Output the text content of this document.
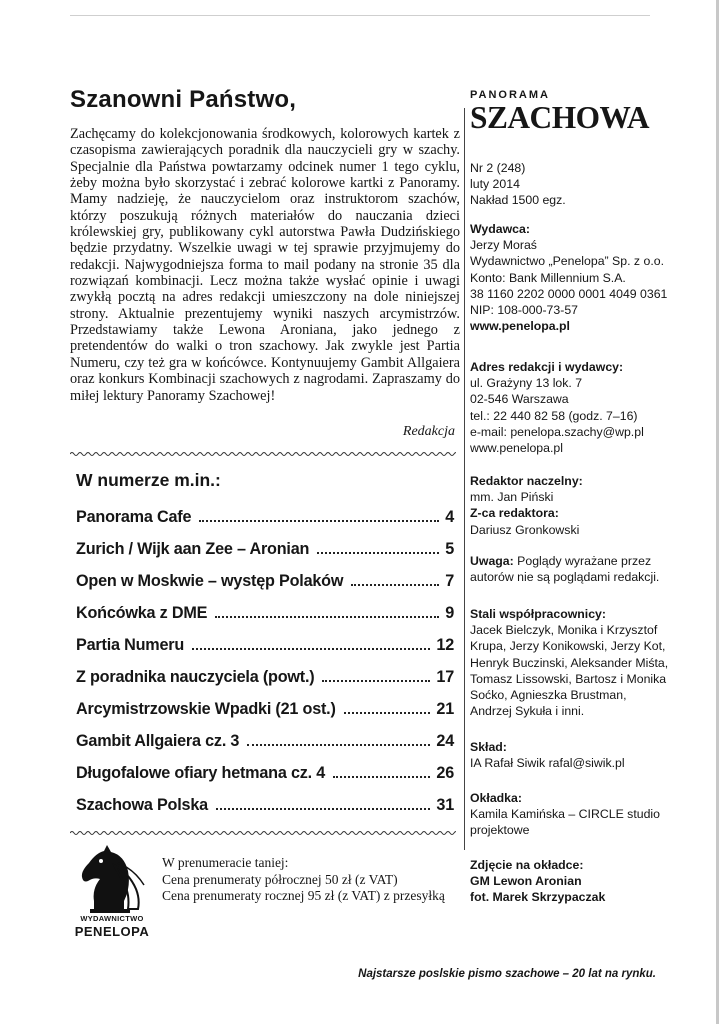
Szanowni Państwo,

Zachęcamy do kolekcjonowania środkowych, kolorowych kartek z czasopisma zawierających poradnik dla nauczycieli gry w szachy. Specjalnie dla Państwa powtarzamy odcinek numer 1 tego cyklu, żeby można było skorzystać i zebrać kolorowe kartki z Panoramy. Mamy nadzieję, że nauczycielom oraz instruktorom szachów, którzy poszukują różnych materiałów do nauczania dzieci królewskiej gry, publikowany cykl autorstwa Pawła Dudzińskiego będzie przydatny. Wszelkie uwagi w tej sprawie przyjmujemy do redakcji. Najwygodniejsza forma to mail podany na stronie 35 dla rozwiązań kombinacji. Lecz można także wysłać opinie i uwagi zwykłą pocztą na adres redakcji umieszczony na dole niniejszej strony. Aktualnie prezentujemy wyniki naszych arcymistrzów. Przedstawiamy także Lewona Aroniana, jako jednego z pretendentów do walki o tron szachowy. Jak zwykle jest Partia Numeru, czy też gra w końcówce. Kontynuujemy Gambit Allgaiera oraz konkurs Kombinacji szachowych z nagrodami. Zapraszamy do miłej lektury Panoramy Szachowej!

Redakcja
W numerze m.in.:
Panorama Cafe	4
Zurich / Wijk aan Zee – Aronian	5
Open w Moskwie – występ Polaków	7
Końcówka z DME	9
Partia Numeru	12
Z poradnika nauczyciela (powt.)	17
Arcymistrzowskie Wpadki (21 ost.)	21
Gambit Allgaiera cz. 3	24
Długofalowe ofiary hetmana cz. 4	26
Szachowa Polska	31
WYDAWNICTWO
PENELOPA
W prenumeracie taniej:
Cena prenumeraty półrocznej 50 zł (z VAT)
Cena prenumeraty rocznej 95 zł (z VAT) z przesyłką
PANORAMA
SZACHOWA
Nr 2 (248)
luty 2014
Nakład 1500 egz.
Wydawca:
Jerzy Moraś
Wydawnictwo „Penelopa” Sp. z o.o.
Konto: Bank Millennium S.A.
38 1160 2202 0000 0001 4049 0361
NIP: 108-000-73-57
www.penelopa.pl
Adres redakcji i wydawcy:
ul. Grażyny 13 lok. 7
02-546 Warszawa
tel.: 22 440 82 58 (godz. 7–16)
e-mail: penelopa.szachy@wp.pl
www.penelopa.pl
Redaktor naczelny:
mm. Jan Piński
Z-ca redaktora:
Dariusz Gronkowski
Uwaga: Poglądy wyrażane przez
autorów nie są poglądami redakcji.
Stali współpracownicy:
Jacek Bielczyk, Monika i Krzysztof
Krupa, Jerzy Konikowski, Jerzy Kot,
Henryk Buczinski, Aleksander Miśta,
Tomasz Lissowski, Bartosz i Monika
Soćko, Agnieszka Brustman,
Andrzej Sykuła i inni.
Skład:
IA Rafał Siwik rafal@siwik.pl
Okładka:
Kamila Kamińska – CIRCLE studio
projektowe
Zdjęcie na okładce:
GM Lewon Aronian
fot. Marek Skrzypaczak
Najstarsze poslskie pismo szachowe – 20 lat na rynku.
